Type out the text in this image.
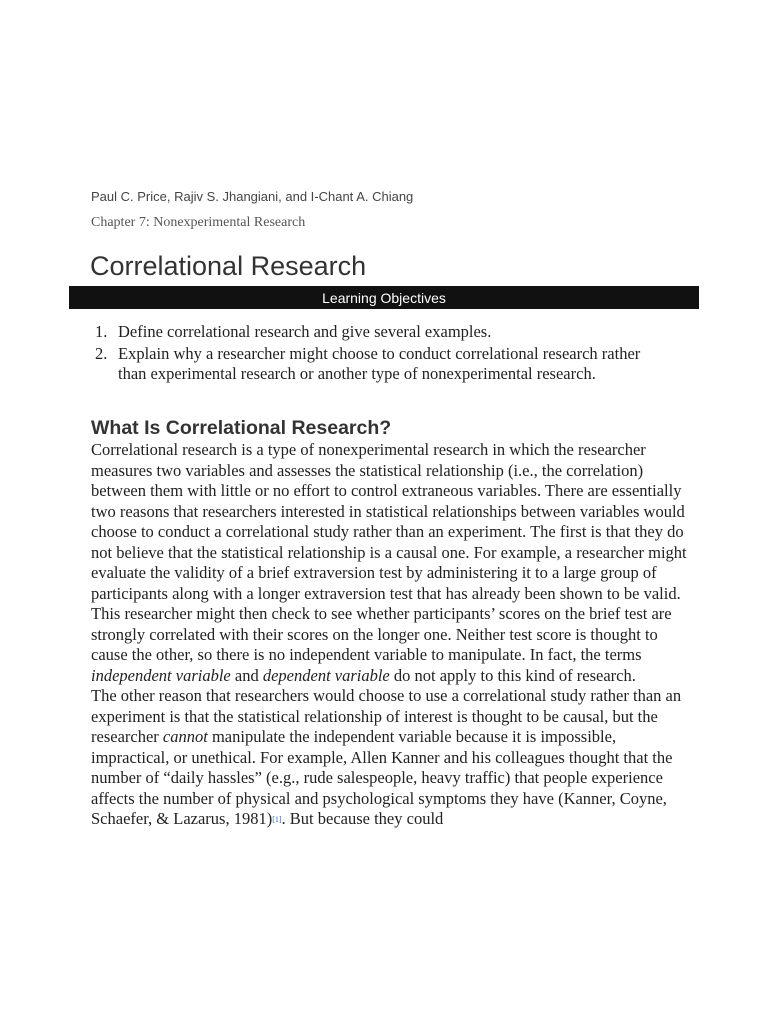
Paul C. Price, Rajiv S. Jhangiani, and I-Chant A. Chiang
Chapter 7: Nonexperimental Research
Correlational Research
Learning Objectives
1. Define correlational research and give several examples.
2. Explain why a researcher might choose to conduct correlational research rather than experimental research or another type of nonexperimental research.
What Is Correlational Research?

Correlational research is a type of nonexperimental research in which the researcher measures two variables and assesses the statistical relationship (i.e., the correlation) between them with little or no effort to control extraneous variables. There are essentially two reasons that researchers interested in statistical relationships between variables would choose to conduct a correlational study rather than an experiment. The first is that they do not believe that the statistical relationship is a causal one. For example, a researcher might evaluate the validity of a brief extraversion test by administering it to a large group of participants along with a longer extraversion test that has already been shown to be valid. This researcher might then check to see whether participants’ scores on the brief test are strongly correlated with their scores on the longer one. Neither test score is thought to cause the other, so there is no independent variable to manipulate. In fact, the terms independent variable and dependent variable do not apply to this kind of research.

The other reason that researchers would choose to use a correlational study rather than an experiment is that the statistical relationship of interest is thought to be causal, but the researcher cannot manipulate the independent variable because it is impossible, impractical, or unethical. For example, Allen Kanner and his colleagues thought that the number of “daily hassles” (e.g., rude salespeople, heavy traffic) that people experience affects the number of physical and psychological symptoms they have (Kanner, Coyne, Schaefer, & Lazarus, 1981)[1]. But because they could
